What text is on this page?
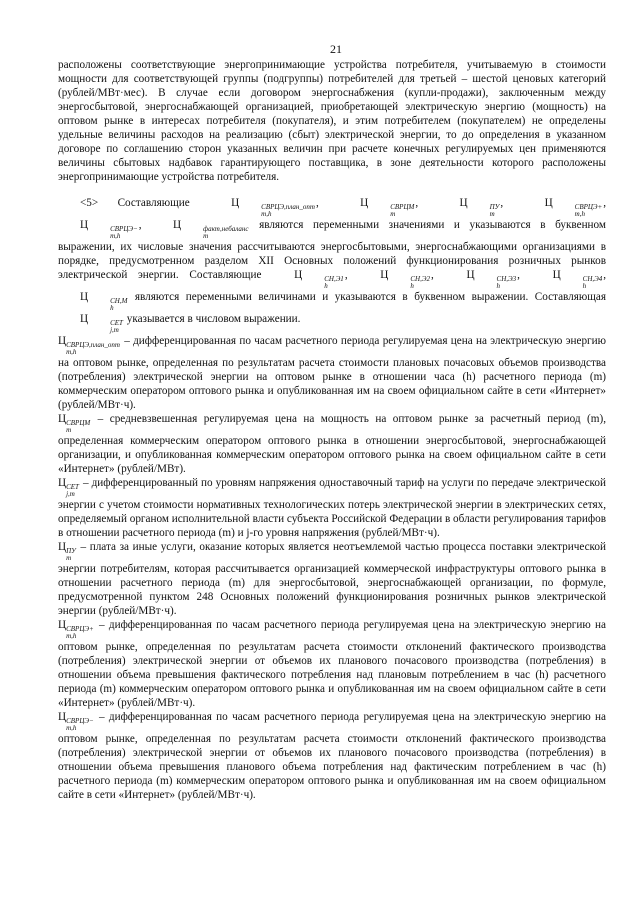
21

расположены соответствующие энергопринимающие устройства потребителя, учитываемую в стоимости мощности для соответствующей группы (подгруппы) потребителей для третьей – шестой ценовых категорий (рублей/МВт·мес). В случае если договором энергоснабжения (купли-продажи), заключенным между энергосбытовой, энергоснабжающей организацией, приобретающей электрическую энергию (мощность) на оптовом рынке в интересах потребителя (покупателя), и этим потребителем (покупателем) не определены удельные величины расходов на реализацию (сбыт) электрической энергии, то до определения в указанном договоре по соглашению сторон указанных величин при расчете конечных регулируемых цен применяются величины сбытовых надбавок гарантирующего поставщика, в зоне деятельности которого расположены энергопринимающие устройства потребителя.

<5> Составляющие Ц	СВРЦЭ,план_опт
m,h
, Ц	СВРЦМ
m
, Ц	ПУ
m
, Ц	СВРЦЭ+
m,h
, Ц	СВРЦЭ−
m,h
, Ц	факт,небаланс
m
являются переменными значениями и указываются в буквенном выражении, их числовые значения рассчитываются энергосбытовыми, энергоснабжающими организациями в порядке, предусмотренном разделом XII Основных положений функционирования розничных рынков электрической энергии. Составляющие Ц	СН,Э1
h
, Ц	СН,Э2
h
, Ц	СН,Э3
h
, Ц	СН,Э4
h
, Ц	СН,М
h
являются переменными величинами и указываются в буквенном выражении. Составляющая Ц	СЕТ
j,m
указывается в числовом выражении.

Ц СВРЦЭ,план_опт
m,h
– дифференцированная по часам расчетного периода регулируемая цена на электрическую энергию на оптовом рынке, определенная по результатам расчета стоимости плановых почасовых объемов производства (потребления) электрической энергии на оптовом рынке в отношении часа (h) расчетного периода (m) коммерческим оператором оптового рынка и опубликованная им на своем официальном сайте в сети «Интернет» (рублей/МВт·ч).

Ц СВРЦМ
m
– средневзвешенная регулируемая цена на мощность на оптовом рынке за расчетный период (m), определенная коммерческим оператором оптового рынка в отношении энергосбытовой, энергоснабжающей организации, и опубликованная коммерческим оператором оптового рынка на своем официальном сайте в сети «Интернет» (рублей/МВт).

Ц СЕТ
j,m
– дифференцированный по уровням напряжения одноставочный тариф на услуги по передаче электрической энергии с учетом стоимости нормативных технологических потерь электрической энергии в электрических сетях, определяемый органом исполнительной власти субъекта Российской Федерации в области регулирования тарифов в отношении расчетного периода (m) и j-го уровня напряжения (рублей/МВт·ч).

Ц ПУ
m
– плата за иные услуги, оказание которых является неотъемлемой частью процесса поставки электрической энергии потребителям, которая рассчитывается организацией коммерческой инфраструктуры оптового рынка в отношении расчетного периода (m) для энергосбытовой, энергоснабжающей организации, по формуле, предусмотренной пунктом 248 Основных положений функционирования розничных рынков электрической энергии (рублей/МВт·ч).

Ц СВРЦЭ+
m,h
– дифференцированная по часам расчетного периода регулируемая цена на электрическую энергию на оптовом рынке, определенная по результатам расчета стоимости отклонений фактического производства (потребления) электрической энергии от объемов их планового почасового производства (потребления) в отношении объема превышения фактического потребления над плановым потреблением в час (h) расчетного периода (m) коммерческим оператором оптового рынка и опубликованная им на своем официальном сайте в сети «Интернет» (рублей/МВт·ч).

Ц СВРЦЭ−
m,h
– дифференцированная по часам расчетного периода регулируемая цена на электрическую энергию на оптовом рынке, определенная по результатам расчета стоимости отклонений фактического производства (потребления) электрической энергии от объемов их планового почасового производства (потребления) в отношении объема превышения планового объема потребления над фактическим потреблением в час (h) расчетного периода (m) коммерческим оператором оптового рынка и опубликованная им на своем официальном сайте в сети «Интернет» (рублей/МВт·ч).
